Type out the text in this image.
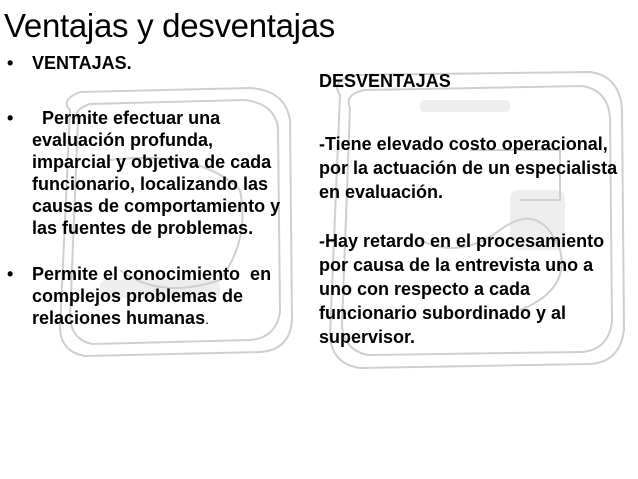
Ventajas y desventajas

• VENTAJAS.

• Permite efectuar una evaluación profunda, imparcial y objetiva de cada funcionario, localizando las causas de comportamiento y las fuentes de problemas.

• Permite el conocimiento  en complejos problemas de relaciones humanas.

DESVENTAJAS

-Tiene elevado costo operacional, por la actuación de un especialista en evaluación.

-Hay retardo en el procesamiento por causa de la entrevista uno a uno con respecto a cada funcionario subordinado y al supervisor.
